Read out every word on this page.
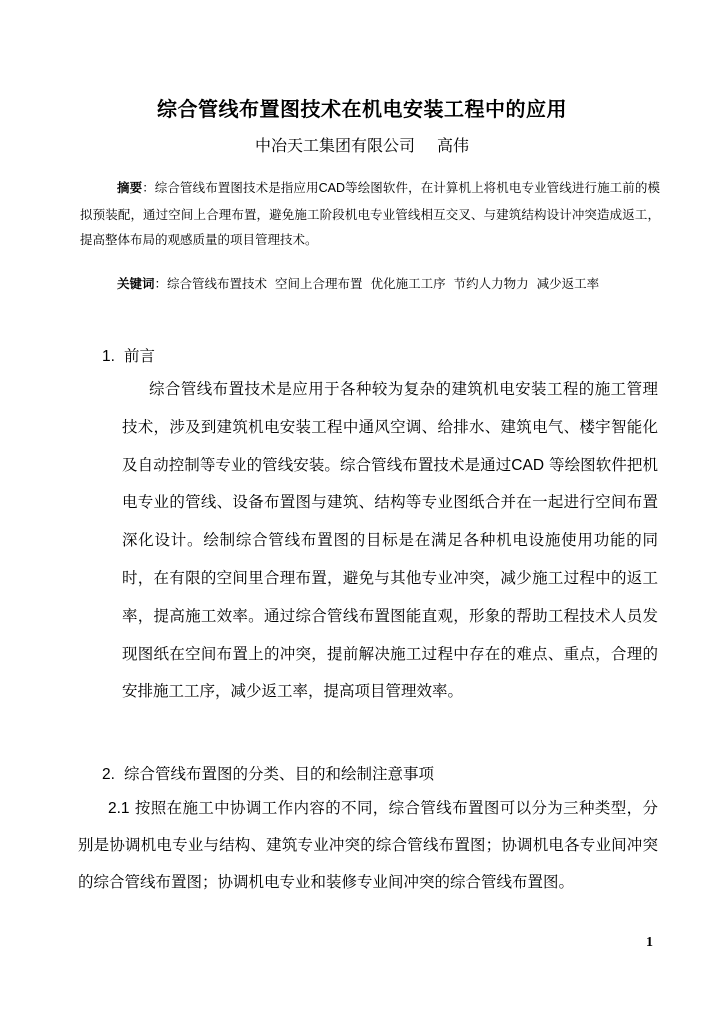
综合管线布置图技术在机电安装工程中的应用
中冶天工集团有限公司 高伟
摘要：综合管线布置图技术是指应用CAD等绘图软件，在计算机上将机电专业管线进行施工前的模拟预装配，通过空间上合理布置，避免施工阶段机电专业管线相互交叉、与建筑结构设计冲突造成返工，提高整体布局的观感质量的项目管理技术。
关键词：综合管线布置技术 空间上合理布置 优化施工工序 节约人力物力 减少返工率
1. 前言
综合管线布置技术是应用于各种较为复杂的建筑机电安装工程的施工管理技术，涉及到建筑机电安装工程中通风空调、给排水、建筑电气、楼宇智能化及自动控制等专业的管线安装。综合管线布置技术是通过CAD 等绘图软件把机电专业的管线、设备布置图与建筑、结构等专业图纸合并在一起进行空间布置深化设计。绘制综合管线布置图的目标是在满足各种机电设施使用功能的同时，在有限的空间里合理布置，避免与其他专业冲突，减少施工过程中的返工率，提高施工效率。通过综合管线布置图能直观，形象的帮助工程技术人员发现图纸在空间布置上的冲突，提前解决施工过程中存在的难点、重点，合理的安排施工工序，减少返工率，提高项目管理效率。
2. 综合管线布置图的分类、目的和绘制注意事项
2.1 按照在施工中协调工作内容的不同，综合管线布置图可以分为三种类型，分别是协调机电专业与结构、建筑专业冲突的综合管线布置图；协调机电各专业间冲突的综合管线布置图；协调机电专业和装修专业间冲突的综合管线布置图。
1
